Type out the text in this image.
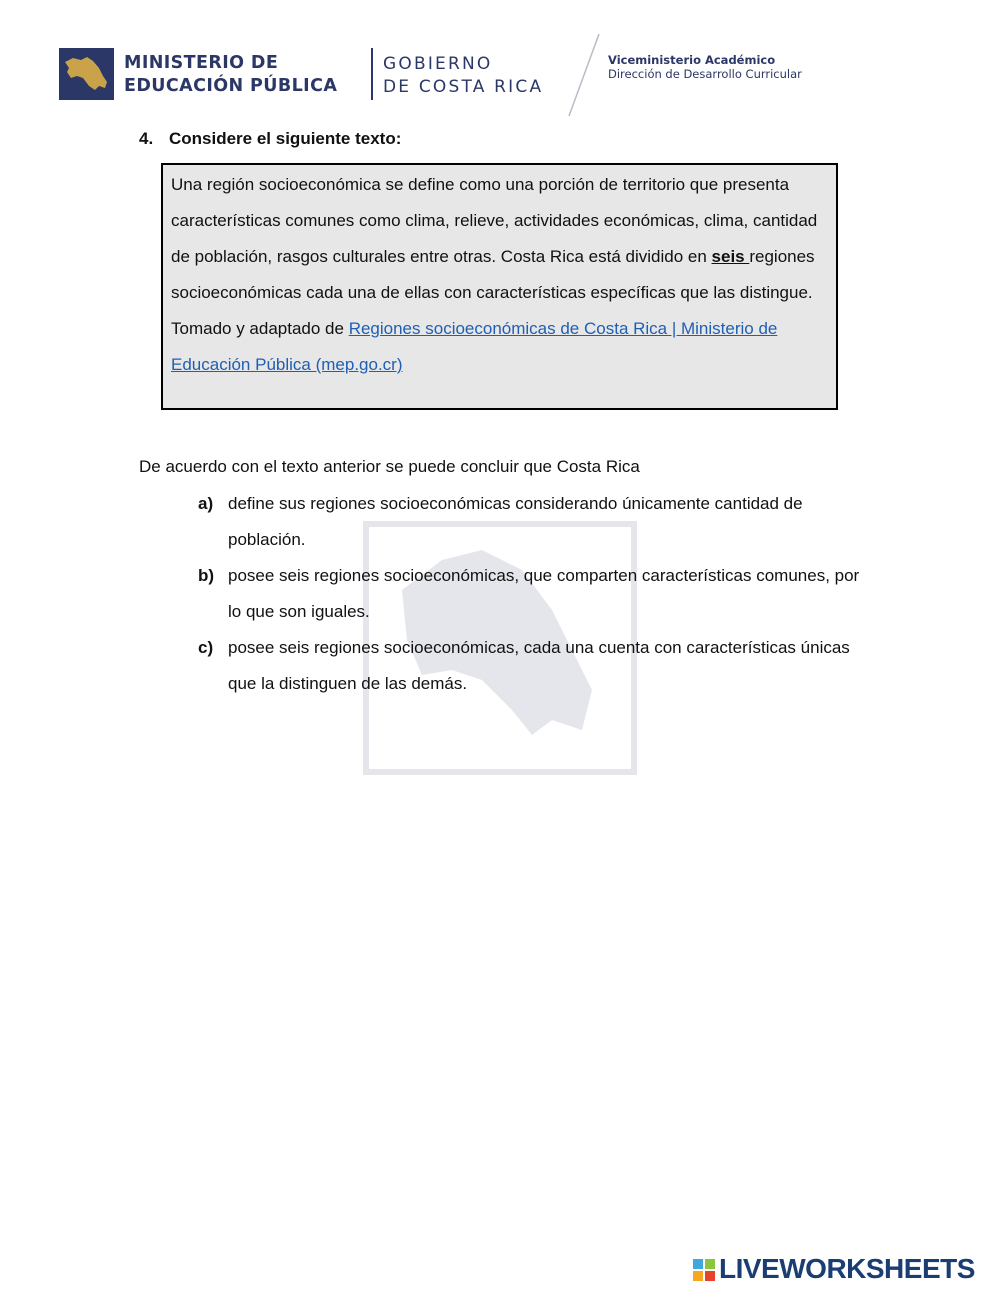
MINISTERIO DE
EDUCACIÓN PÚBLICA
GOBIERNO
DE COSTA RICA
Viceministerio Académico
Dirección de Desarrollo Curricular
4. Considere el siguiente texto:

Una región socioeconómica se define como una porción de territorio que presenta características comunes como clima, relieve, actividades económicas, clima, cantidad de población, rasgos culturales entre otras. Costa Rica está dividido en seis regiones socioeconómicas cada una de ellas con características específicas que las distingue.

Tomado y adaptado de Regiones socioeconómicas de Costa Rica | Ministerio de Educación Pública (mep.go.cr)

De acuerdo con el texto anterior se puede concluir que Costa Rica
a) define sus regiones socioeconómicas considerando únicamente cantidad de población.
b) posee seis regiones socioeconómicas, que comparten características comunes, por lo que son iguales.
c) posee seis regiones socioeconómicas, cada una cuenta con características únicas que la distinguen de las demás.
LIVEWORKSHEETS
